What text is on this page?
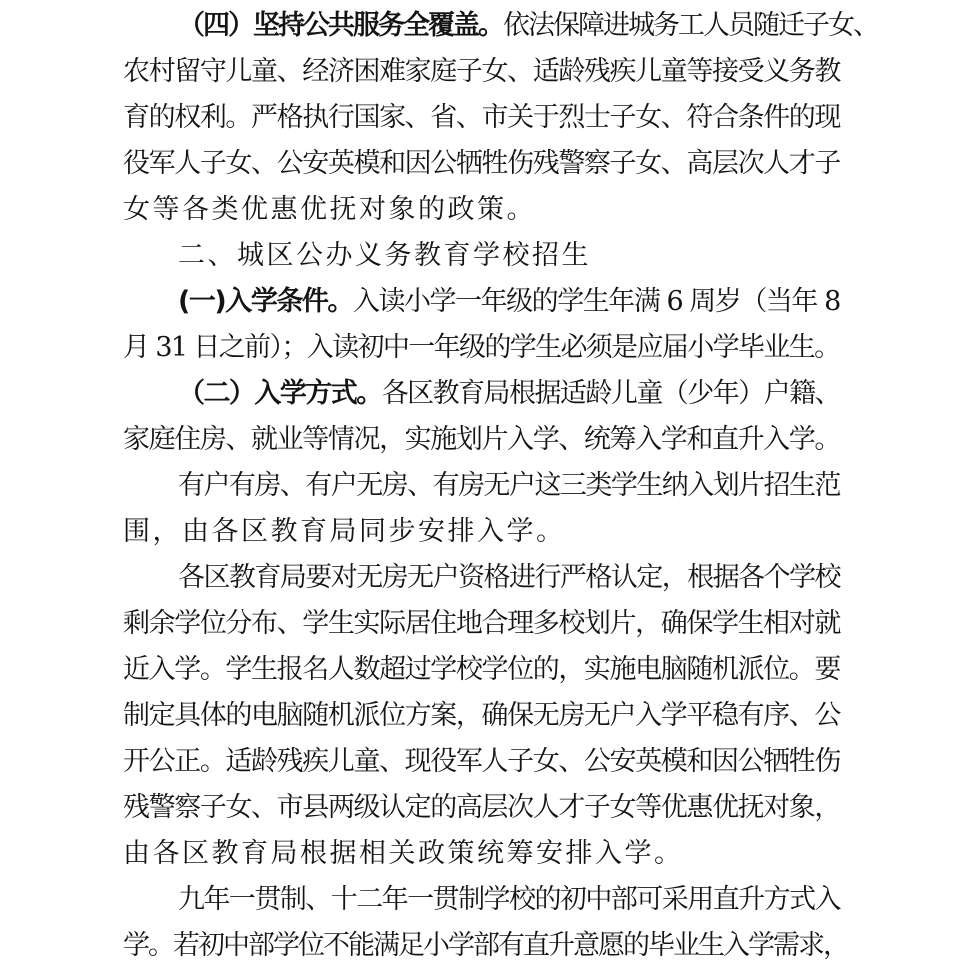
（四）坚持公共服务全覆盖。依法保障进城务工人员随迁子女、

农村留守儿童、经济困难家庭子女、适龄残疾儿童等接受义务教

育的权利。严格执行国家、省、市关于烈士子女、符合条件的现

役军人子女、公安英模和因公牺牲伤残警察子女、高层次人才子

女等各类优惠优抚对象的政策。

二、城区公办义务教育学校招生

(一)入学条件。入读小学一年级的学生年满 6 周岁（当年 8

月 31 日之前）；入读初中一年级的学生必须是应届小学毕业生。

（二）入学方式。各区教育局根据适龄儿童（少年）户籍、

家庭住房、就业等情况，实施划片入学、统筹入学和直升入学。

有户有房、有户无房、有房无户这三类学生纳入划片招生范

围，由各区教育局同步安排入学。

各区教育局要对无房无户资格进行严格认定，根据各个学校

剩余学位分布、学生实际居住地合理多校划片，确保学生相对就

近入学。学生报名人数超过学校学位的，实施电脑随机派位。要

制定具体的电脑随机派位方案，确保无房无户入学平稳有序、公

开公正。适龄残疾儿童、现役军人子女、公安英模和因公牺牲伤

残警察子女、市县两级认定的高层次人才子女等优惠优抚对象，

由各区教育局根据相关政策统筹安排入学。

九年一贯制、十二年一贯制学校的初中部可采用直升方式入

学。若初中部学位不能满足小学部有直升意愿的毕业生入学需求，
